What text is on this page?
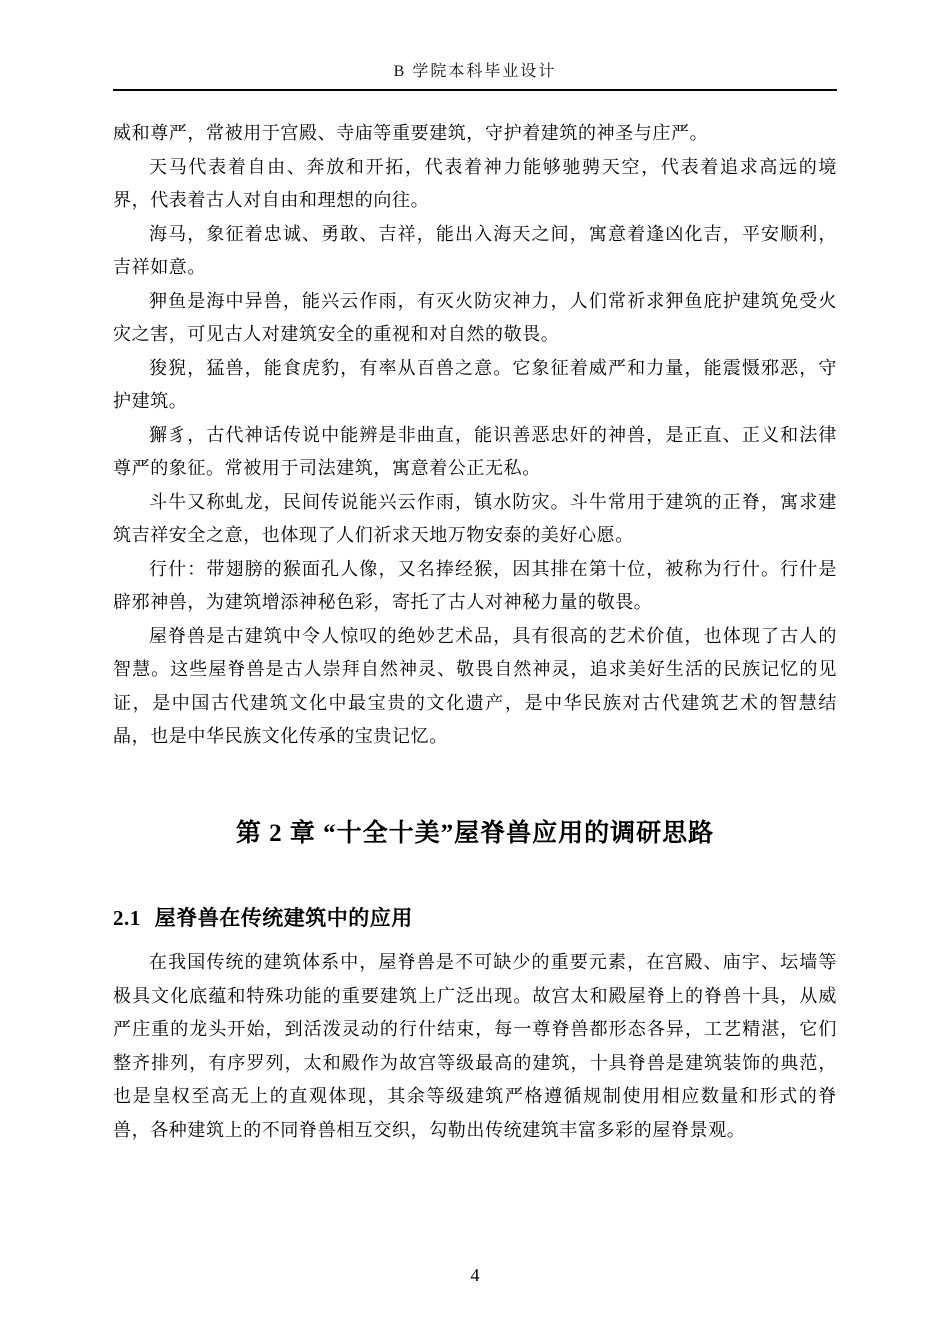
B 学院本科毕业设计

威和尊严，常被用于宫殿、寺庙等重要建筑，守护着建筑的神圣与庄严。

天马代表着自由、奔放和开拓，代表着神力能够驰骋天空，代表着追求高远的境界，代表着古人对自由和理想的向往。

海马，象征着忠诚、勇敢、吉祥，能出入海天之间，寓意着逢凶化吉，平安顺利，吉祥如意。

狎鱼是海中异兽，能兴云作雨，有灭火防灾神力，人们常祈求狎鱼庇护建筑免受火灾之害，可见古人对建筑安全的重视和对自然的敬畏。

狻猊，猛兽，能食虎豹，有率从百兽之意。它象征着威严和力量，能震慑邪恶，守护建筑。

獬豸，古代神话传说中能辨是非曲直，能识善恶忠奸的神兽，是正直、正义和法律尊严的象征。常被用于司法建筑，寓意着公正无私。

斗牛又称虬龙，民间传说能兴云作雨，镇水防灾。斗牛常用于建筑的正脊，寓求建筑吉祥安全之意，也体现了人们祈求天地万物安泰的美好心愿。

行什：带翅膀的猴面孔人像，又名捧经猴，因其排在第十位，被称为行什。行什是辟邪神兽，为建筑增添神秘色彩，寄托了古人对神秘力量的敬畏。

屋脊兽是古建筑中令人惊叹的绝妙艺术品，具有很高的艺术价值，也体现了古人的智慧。这些屋脊兽是古人崇拜自然神灵、敬畏自然神灵，追求美好生活的民族记忆的见证，是中国古代建筑文化中最宝贵的文化遗产，是中华民族对古代建筑艺术的智慧结晶，也是中华民族文化传承的宝贵记忆。

第 2 章 “十全十美”屋脊兽应用的调研思路
2.1 屋脊兽在传统建筑中的应用

在我国传统的建筑体系中，屋脊兽是不可缺少的重要元素，在宫殿、庙宇、坛墙等极具文化底蕴和特殊功能的重要建筑上广泛出现。故宫太和殿屋脊上的脊兽十具，从威严庄重的龙头开始，到活泼灵动的行什结束，每一尊脊兽都形态各异，工艺精湛，它们整齐排列，有序罗列，太和殿作为故宫等级最高的建筑，十具脊兽是建筑装饰的典范，也是皇权至高无上的直观体现，其余等级建筑严格遵循规制使用相应数量和形式的脊兽，各种建筑上的不同脊兽相互交织，勾勒出传统建筑丰富多彩的屋脊景观。

4
